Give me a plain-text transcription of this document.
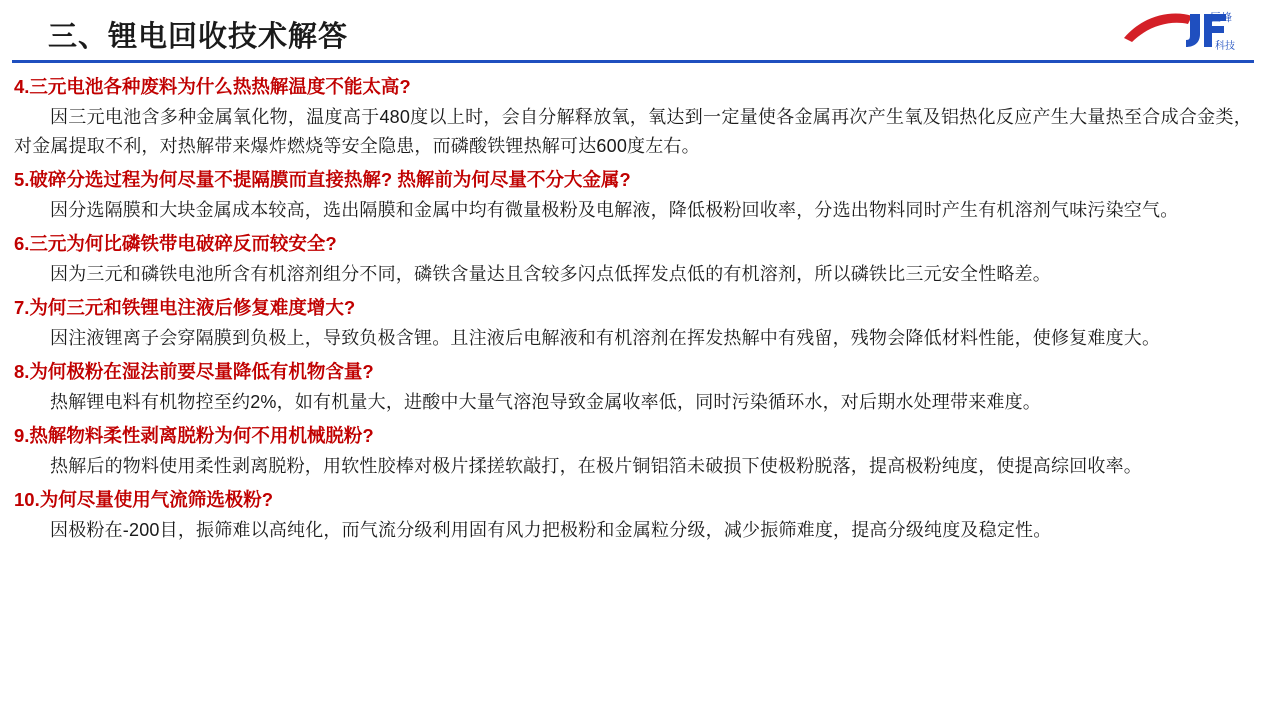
三、锂电回收技术解答
巨峰
科技
4.三元电池各种废料为什么热热解温度不能太高?
因三元电池含多种金属氧化物，温度高于480度以上时，会自分解释放氧，氧达到一定量使各金属再次产生氧及铝热化反应产生大量热至合成合金类，对金属提取不利，对热解带来爆炸燃烧等安全隐患，而磷酸铁锂热解可达600度左右。
5.破碎分选过程为何尽量不提隔膜而直接热解? 热解前为何尽量不分大金属?
因分选隔膜和大块金属成本较高，选出隔膜和金属中均有微量极粉及电解液，降低极粉回收率，分选出物料同时产生有机溶剂气味污染空气。
6.三元为何比磷铁带电破碎反而较安全?
因为三元和磷铁电池所含有机溶剂组分不同，磷铁含量达且含较多闪点低挥发点低的有机溶剂，所以磷铁比三元安全性略差。
7.为何三元和铁锂电注液后修复难度增大?
因注液锂离子会穿隔膜到负极上，导致负极含锂。且注液后电解液和有机溶剂在挥发热解中有残留，残物会降低材料性能，使修复难度大。
8.为何极粉在湿法前要尽量降低有机物含量?
热解锂电料有机物控至约2%，如有机量大，进酸中大量气溶泡导致金属收率低，同时污染循环水，对后期水处理带来难度。
9.热解物料柔性剥离脱粉为何不用机械脱粉?
热解后的物料使用柔性剥离脱粉，用软性胶棒对极片揉搓软敲打，在极片铜铝箔未破损下使极粉脱落，提高极粉纯度，使提高综回收率。
10.为何尽量使用气流筛选极粉?
因极粉在-200目，振筛难以高纯化，而气流分级利用固有风力把极粉和金属粒分级，减少振筛难度，提高分级纯度及稳定性。
